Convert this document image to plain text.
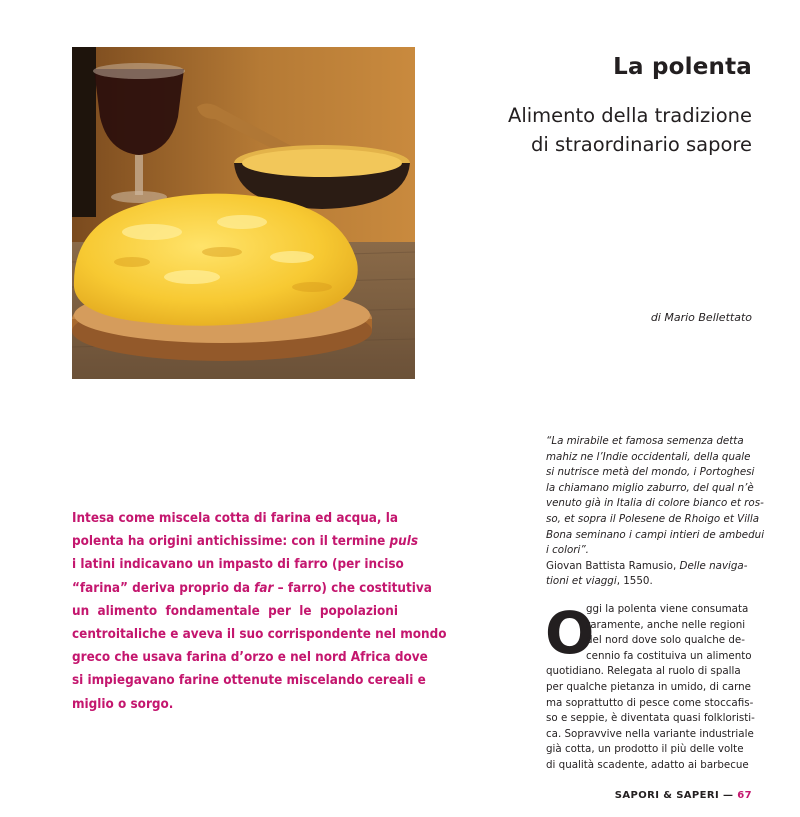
La polenta
Alimento della tradizione
di straordinario sapore
di Mario Bellettato
Intesa come miscela cotta di farina ed acqua, la
polenta ha origini antichissime: con il termine puls
i latini indicavano un impasto di farro (per inciso
“farina” deriva proprio da far – farro) che costitutiva
un alimento fondamentale per le popolazioni
centroitaliche e aveva il suo corrispondente nel mondo
greco che usava farina d’orzo e nel nord Africa dove
si impiegavano farine ottenute miscelando cereali e
miglio o sorgo.
“La mirabile et famosa semenza detta
mahiz ne l’Indie occidentali, della quale
si nutrisce metà del mondo, i Portoghesi
la chiamano miglio zaburro, del qual n’è
venuto già in Italia di colore bianco et ros-
so, et sopra il Polesene de Rhoigo et Villa
Bona seminano i campi intieri de ambedui
i colori”.
Giovan Battista Ramusio, Delle naviga-
tioni et viaggi, 1550.
O
ggi la polenta viene consumata
raramente, anche nelle regioni
del nord dove solo qualche de-
cennio fa costituiva un alimento
quotidiano. Relegata al ruolo di spalla
per qualche pietanza in umido, di carne
ma soprattutto di pesce come stoccafis-
so e seppie, è diventata quasi folkloristi-
ca. Sopravvive nella variante industriale
già cotta, un prodotto il più delle volte
di qualità scadente, adatto ai barbecue
SAPORI & SAPERI — 67
